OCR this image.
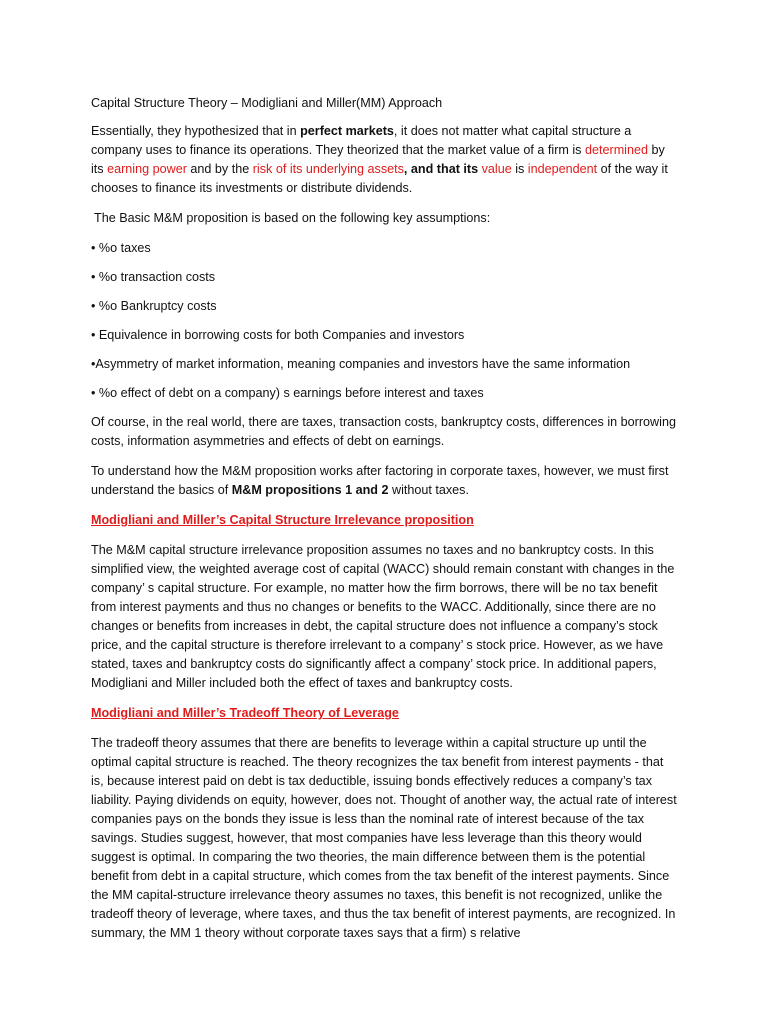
Capital Structure Theory – Modigliani and Miller(MM) Approach

Essentially, they hypothesized that in perfect markets, it does not matter what capital structure a company uses to finance its operations. They theorized that the market value of a firm is determined by its earning power and by the risk of its underlying assets, and that its value is independent of the way it chooses to finance its investments or distribute dividends.

The Basic M&M proposition is based on the following key assumptions:

• %o taxes

• %o transaction costs

• %o Bankruptcy costs

• Equivalence in borrowing costs for both Companies and investors

•Asymmetry of market information, meaning companies and investors have the same information

• %o effect of debt on a company) s earnings before interest and taxes

Of course, in the real world, there are taxes, transaction costs, bankruptcy costs, differences in borrowing costs, information asymmetries and effects of debt on earnings.

To understand how the M&M proposition works after factoring in corporate taxes, however, we must first understand the basics of M&M propositions 1 and 2 without taxes.

Modigliani and Miller’s Capital Structure Irrelevance proposition

The M&M capital structure irrelevance proposition assumes no taxes and no bankruptcy costs. In this simplified view, the weighted average cost of capital (WACC) should remain constant with changes in the company’ s capital structure. For example, no matter how the firm borrows, there will be no tax benefit from interest payments and thus no changes or benefits to the WACC. Additionally, since there are no changes or benefits from increases in debt, the capital structure does not influence a company’s stock price, and the capital structure is therefore irrelevant to a company’ s stock price. However, as we have stated, taxes and bankruptcy costs do significantly affect a company’ stock price. In additional papers, Modigliani and Miller included both the effect of taxes and bankruptcy costs.

Modigliani and Miller’s Tradeoff Theory of Leverage

The tradeoff theory assumes that there are benefits to leverage within a capital structure up until the optimal capital structure is reached. The theory recognizes the tax benefit from interest payments - that is, because interest paid on debt is tax deductible, issuing bonds effectively reduces a company’s tax liability. Paying dividends on equity, however, does not. Thought of another way, the actual rate of interest companies pays on the bonds they issue is less than the nominal rate of interest because of the tax savings. Studies suggest, however, that most companies have less leverage than this theory would suggest is optimal. In comparing the two theories, the main difference between them is the potential benefit from debt in a capital structure, which comes from the tax benefit of the interest payments. Since the MM capital-structure irrelevance theory assumes no taxes, this benefit is not recognized, unlike the tradeoff theory of leverage, where taxes, and thus the tax benefit of interest payments, are recognized. In summary, the MM 1 theory without corporate taxes says that a firm) s relative
